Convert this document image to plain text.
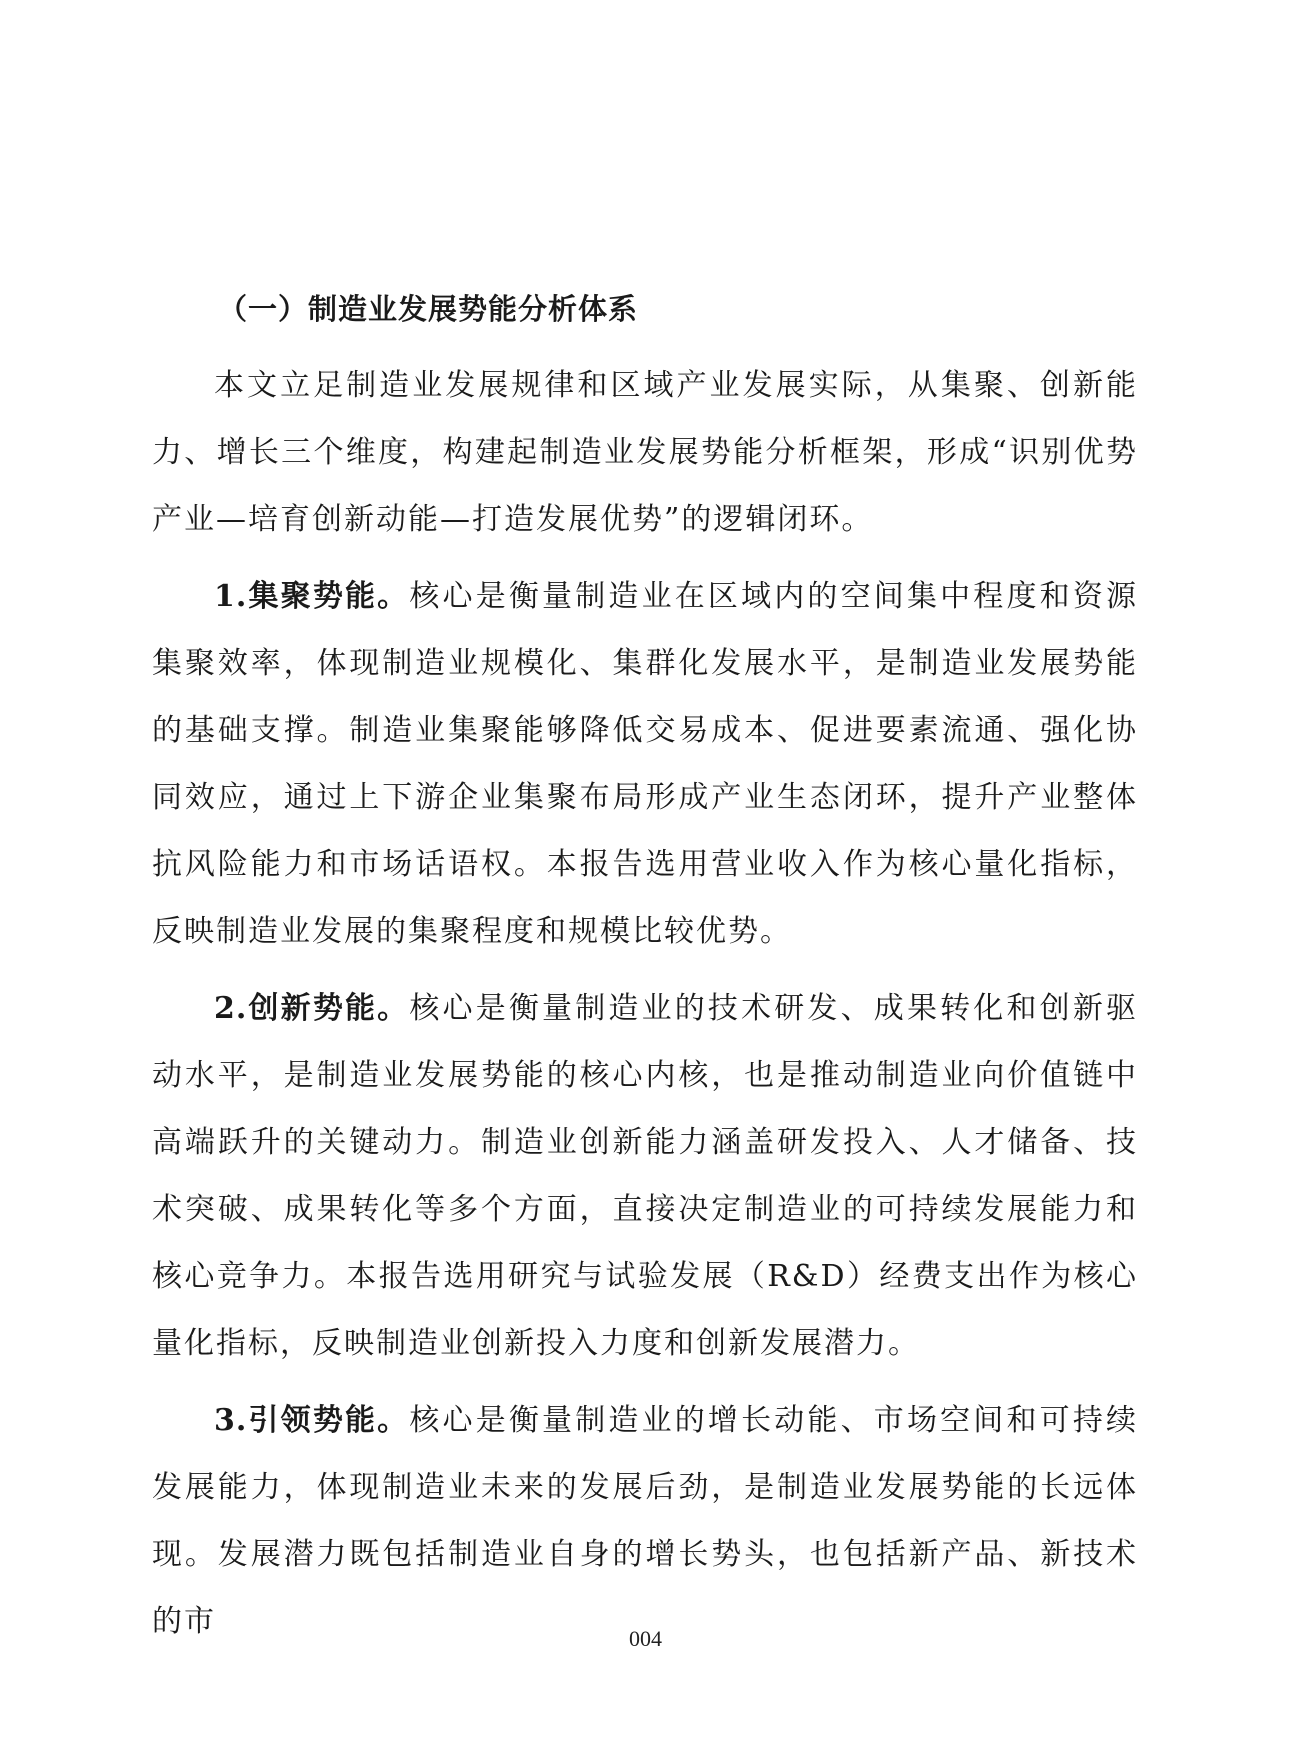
（一）制造业发展势能分析体系

本文立足制造业发展规律和区域产业发展实际，从集聚、创新能力、增长三个维度，构建起制造业发展势能分析框架，形成“识别优势产业—培育创新动能—打造发展优势”的逻辑闭环。

1.集聚势能。核心是衡量制造业在区域内的空间集中程度和资源集聚效率，体现制造业规模化、集群化发展水平，是制造业发展势能的基础支撑。制造业集聚能够降低交易成本、促进要素流通、强化协同效应，通过上下游企业集聚布局形成产业生态闭环，提升产业整体抗风险能力和市场话语权。本报告选用营业收入作为核心量化指标，反映制造业发展的集聚程度和规模比较优势。

2.创新势能。核心是衡量制造业的技术研发、成果转化和创新驱动水平，是制造业发展势能的核心内核，也是推动制造业向价值链中高端跃升的关键动力。制造业创新能力涵盖研发投入、人才储备、技术突破、成果转化等多个方面，直接决定制造业的可持续发展能力和核心竞争力。本报告选用研究与试验发展（R&D）经费支出作为核心量化指标，反映制造业创新投入力度和创新发展潜力。

3.引领势能。核心是衡量制造业的增长动能、市场空间和可持续发展能力，体现制造业未来的发展后劲，是制造业发展势能的长远体现。发展潜力既包括制造业自身的增长势头，也包括新产品、新技术的市	004
